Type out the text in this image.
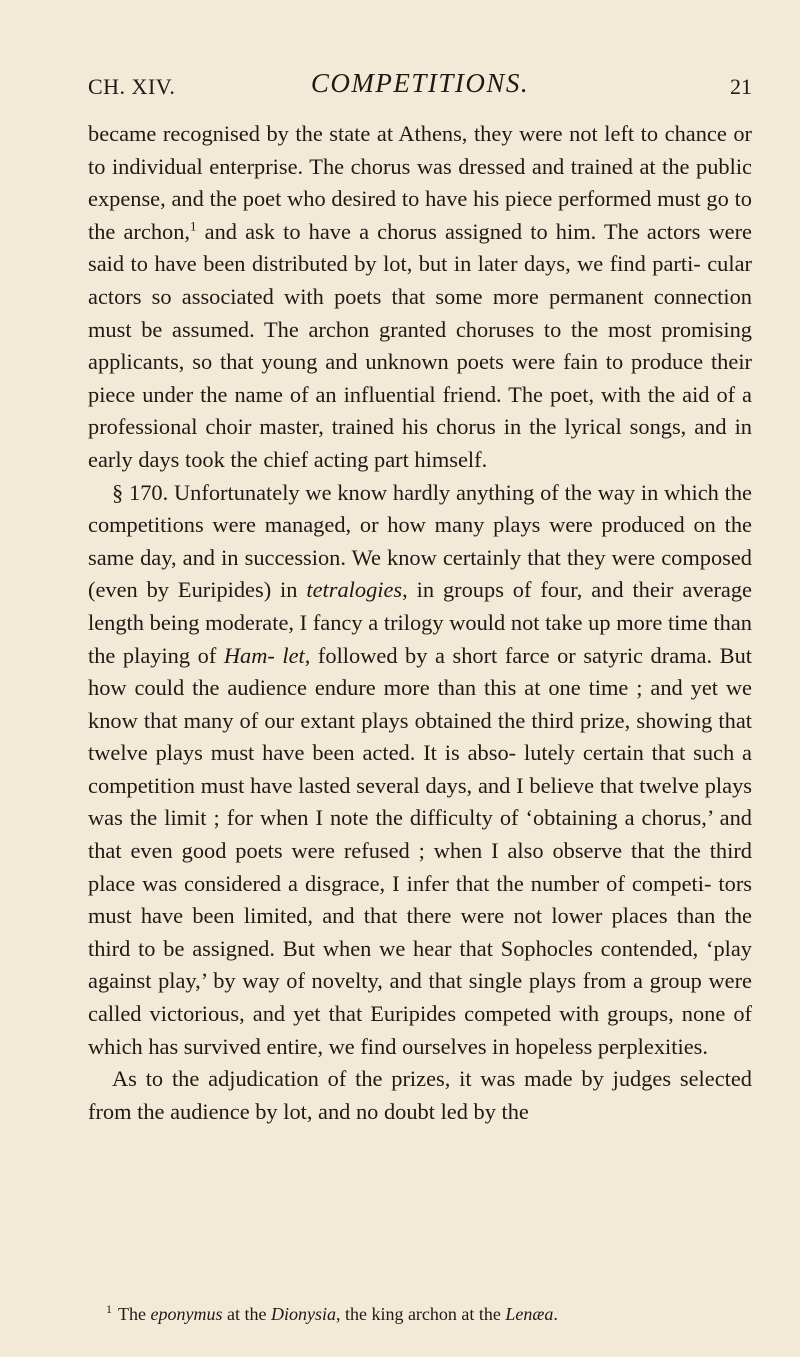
CH. XIV.	COMPETITIONS.	21

became recognised by the state at Athens, they were not left to chance or to individual enterprise. The chorus was dressed and trained at the public expense, and the poet who desired to have his piece performed must go to the archon,$^1$ and ask to have a chorus assigned to him. The actors were said to have been distributed by lot, but in later days, we find parti- cular actors so associated with poets that some more permanent connection must be assumed. The archon granted choruses to the most promising applicants, so that young and unknown poets were fain to produce their piece under the name of an influential friend. The poet, with the aid of a professional choir master, trained his chorus in the lyrical songs, and in early days took the chief acting part himself.

§ 170. Unfortunately we know hardly anything of the way in which the competitions were managed, or how many plays were produced on the same day, and in succession. We know certainly that they were composed (even by Euripides) in tetralogies, in groups of four, and their average length being moderate, I fancy a trilogy would not take up more time than the playing of Ham- let, followed by a short farce or satyric drama. But how could the audience endure more than this at one time ; and yet we know that many of our extant plays obtained the third prize, showing that twelve plays must have been acted. It is abso- lutely certain that such a competition must have lasted several days, and I believe that twelve plays was the limit ; for when I note the difficulty of ‘obtaining a chorus,’ and that even good poets were refused ; when I also observe that the third place was considered a disgrace, I infer that the number of competi- tors must have been limited, and that there were not lower places than the third to be assigned. But when we hear that Sophocles contended, ‘play against play,’ by way of novelty, and that single plays from a group were called victorious, and yet that Euripides competed with groups, none of which has survived entire, we find ourselves in hopeless perplexities.

As to the adjudication of the prizes, it was made by judges selected from the audience by lot, and no doubt led by the

$^1$ The eponymus at the Dionysia, the king archon at the Lenæa.
